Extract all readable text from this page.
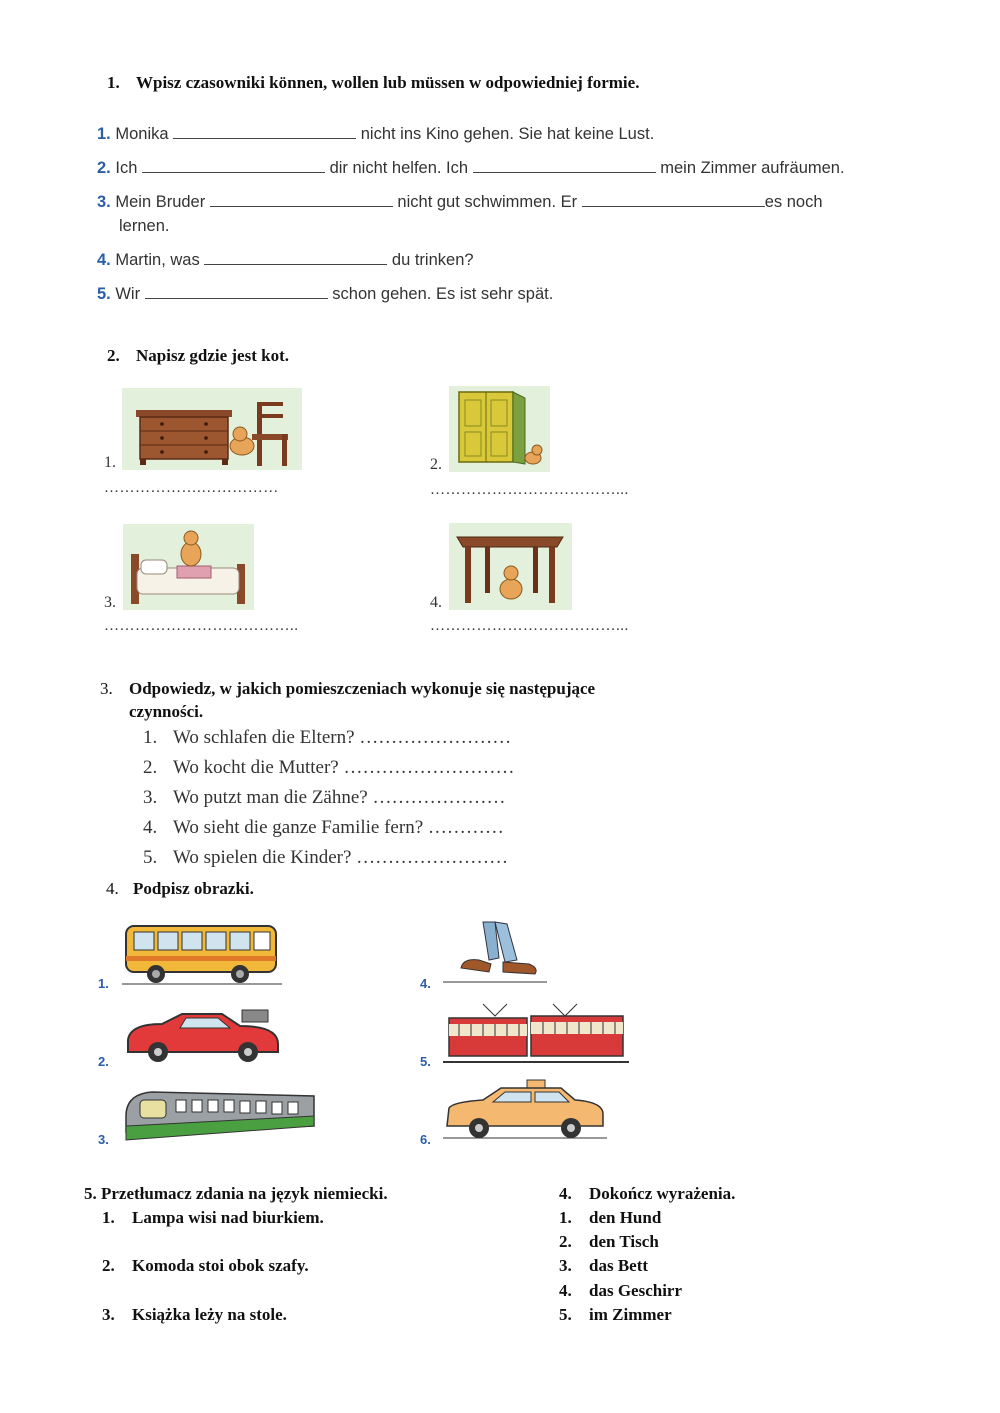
1. Wpisz czasowniki können, wollen lub müssen w odpowiedniej formie.
1. Monika	nicht ins Kino gehen. Sie hat keine Lust.
2. Ich	dir nicht helfen. Ich	mein Zimmer aufräumen.
3. Mein Bruder	nicht gut schwimmen. Er	es noch
lernen.
4. Martin, was	du trinken?
5. Wir	schon gehen. Es ist sehr spät.
2. Napisz gdzie jest kot.
1.
……………….……………
2.
………………………………...
3.
………………………………..
4.
………………………………...
3. Odpowiedz, w jakich pomieszczeniach wykonuje się następujące
czynności.
1. Wo schlafen die Eltern? ……………………
2. Wo kocht die Mutter? ………………………
3. Wo putzt man die Zähne? …………………
4. Wo sieht die ganze Familie fern? …………
5. Wo spielen die Kinder? ……………………
4. Podpisz obrazki.
1.	4.
2.	5.
3.	6.
5. Przetłumacz zdania na język niemiecki.
1. Lampa wisi nad biurkiem.
2. Komoda stoi obok szafy.
3. Książka leży na stole.
4. Dokończ wyrażenia.
1. den Hund
2. den Tisch
3. das Bett
4. das Geschirr
5. im Zimmer
